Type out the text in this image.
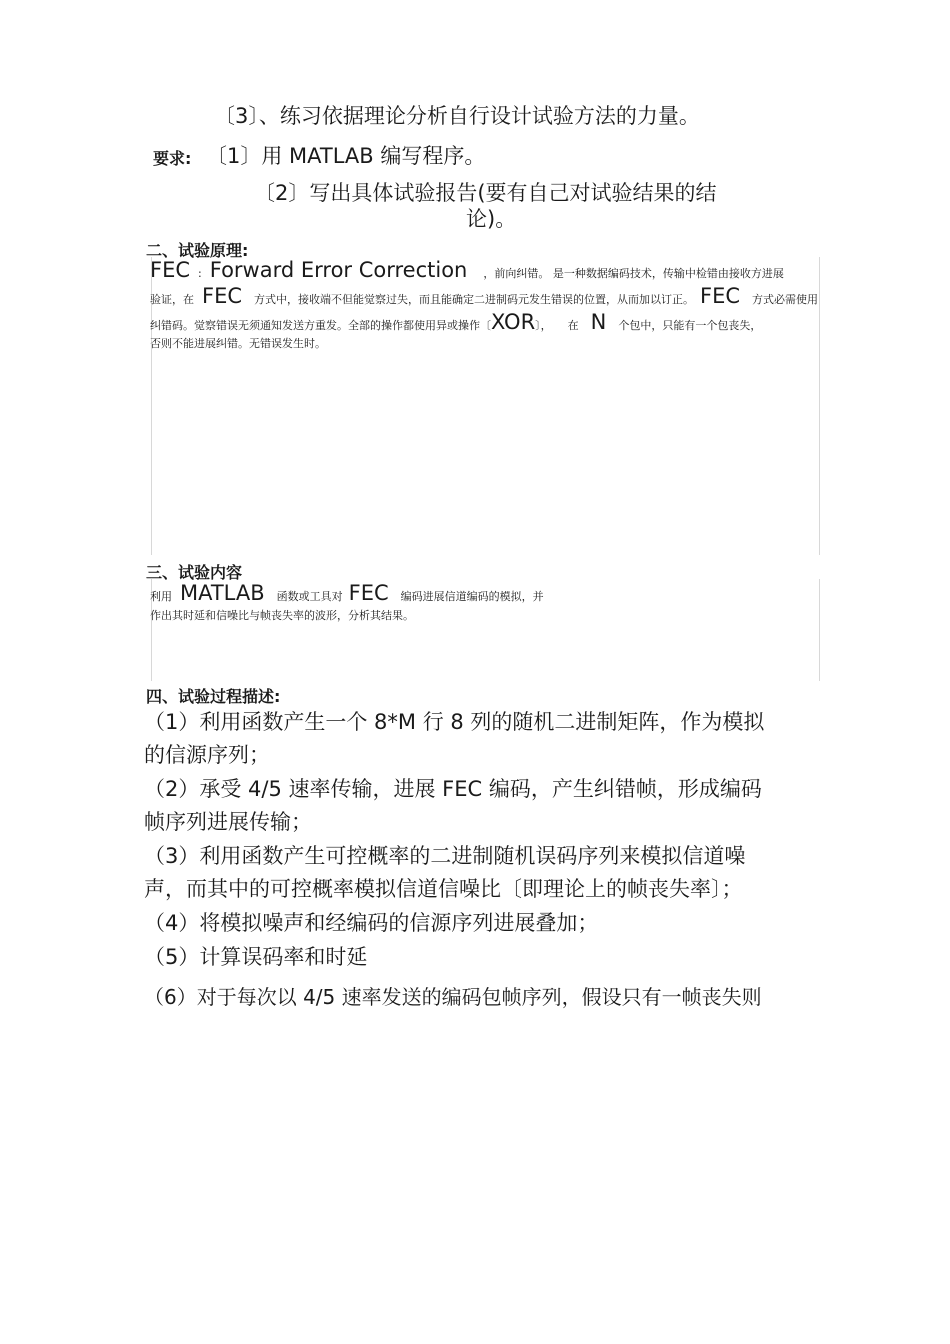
〔3〕、练习依据理论分析自行设计试验方法的力量。
要求: 〔1〕用 MATLAB 编写程序。
〔2〕写出具体试验报告(要有自己对试验结果的结
论)。
二、试验原理:
FEC : Forward Error Correction ，前向纠错。 是一种数据编码技术，传输中检错由接收方进展
验证，在 FEC 方式中，接收端不但能觉察过失，而且能确定二进制码元发生错误的位置，从而加以订正。 FEC 方式必需使用
纠错码。觉察错误无须通知发送方重发。全部的操作都使用异或操作〔XOR〕， 在 N 个包中，只能有一个包丧失，
否则不能进展纠错。无错误发生时。
三、试验内容
利用 MATLAB 函数或工具对 FEC 编码进展信道编码的模拟，并
作出其时延和信噪比与帧丧失率的波形，分析其结果。
四、试验过程描述:
（1）利用函数产生一个 8*M 行 8 列的随机二进制矩阵，作为模拟
的信源序列；
（2）承受 4/5 速率传输，进展 FEC 编码，产生纠错帧，形成编码
帧序列进展传输；
（3）利用函数产生可控概率的二进制随机误码序列来模拟信道噪
声，而其中的可控概率模拟信道信噪比〔即理论上的帧丧失率〕；
（4）将模拟噪声和经编码的信源序列进展叠加；
（5）计算误码率和时延
（6）对于每次以 4/5 速率发送的编码包帧序列，假设只有一帧丧失则
